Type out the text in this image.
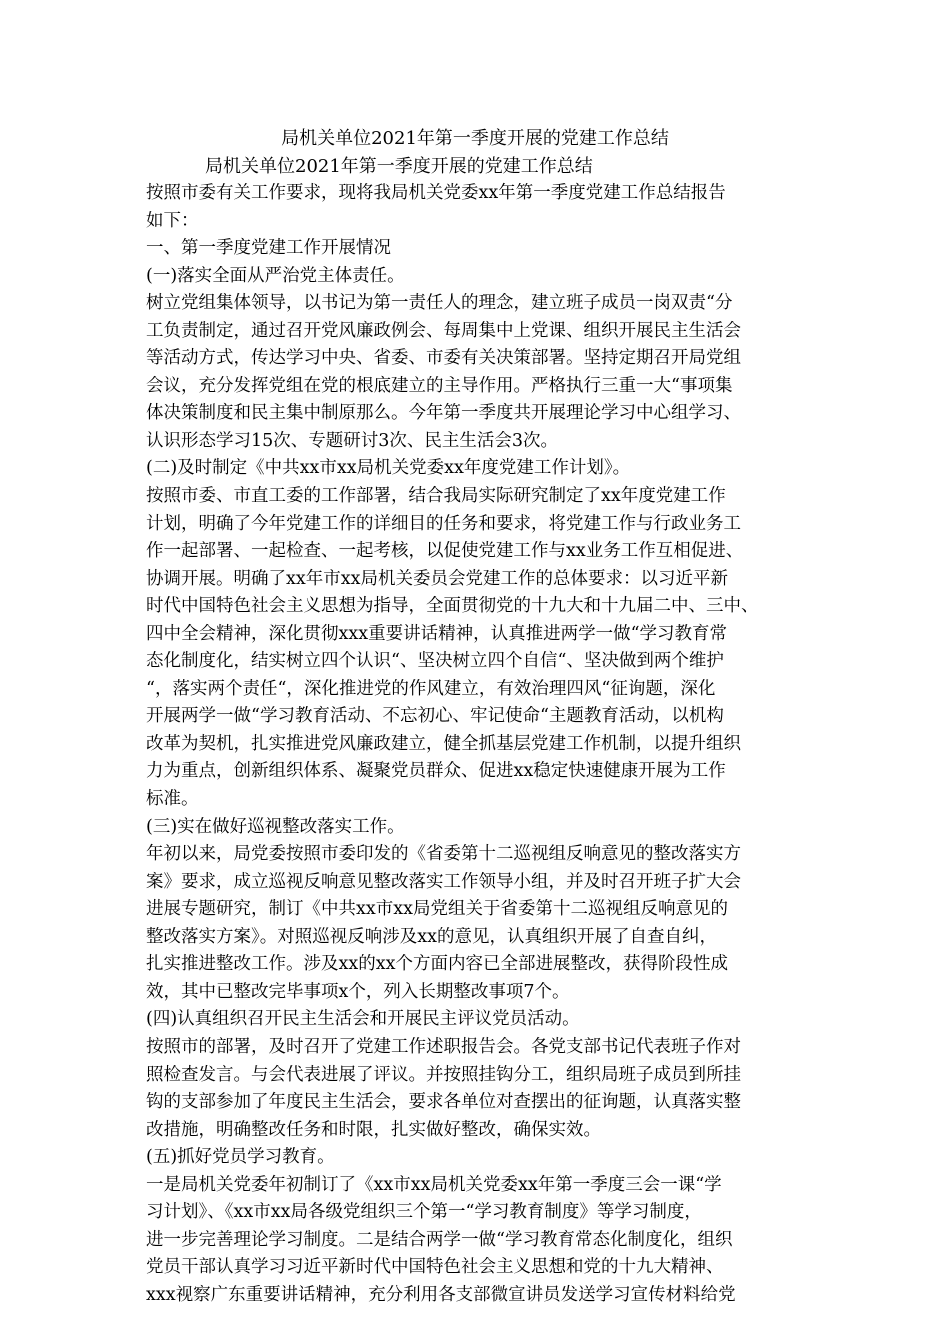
局机关单位2021年第一季度开展的党建工作总结
局机关单位2021年第一季度开展的党建工作总结
按照市委有关工作要求，现将我局机关党委xx年第一季度党建工作总结报告
如下：
一、第一季度党建工作开展情况
(一)落实全面从严治党主体责任。
树立党组集体领导，以书记为第一责任人的理念，建立班子成员一岗双责“分
工负责制定，通过召开党风廉政例会、每周集中上党课、组织开展民主生活会
等活动方式，传达学习中央、省委、市委有关决策部署。坚持定期召开局党组
会议，充分发挥党组在党的根底建立的主导作用。严格执行三重一大“事项集
体决策制度和民主集中制原那么。今年第一季度共开展理论学习中心组学习、
认识形态学习15次、专题研讨3次、民主生活会3次。
(二)及时制定《中共xx市xx局机关党委xx年度党建工作计划》。
按照市委、市直工委的工作部署，结合我局实际研究制定了xx年度党建工作
计划，明确了今年党建工作的详细目的任务和要求，将党建工作与行政业务工
作一起部署、一起检查、一起考核，以促使党建工作与xx业务工作互相促进、
协调开展。明确了xx年市xx局机关委员会党建工作的总体要求：以习近平新
时代中国特色社会主义思想为指导，全面贯彻党的十九大和十九届二中、三中、
四中全会精神，深化贯彻xxx重要讲话精神，认真推进两学一做“学习教育常
态化制度化，结实树立四个认识“、坚决树立四个自信“、坚决做到两个维护
“，落实两个责任“，深化推进党的作风建立，有效治理四风“征询题，深化
开展两学一做“学习教育活动、不忘初心、牢记使命“主题教育活动，以机构
改革为契机，扎实推进党风廉政建立，健全抓基层党建工作机制，以提升组织
力为重点，创新组织体系、凝聚党员群众、促进xx稳定快速健康开展为工作
标准。
(三)实在做好巡视整改落实工作。
年初以来，局党委按照市委印发的《省委第十二巡视组反响意见的整改落实方
案》要求，成立巡视反响意见整改落实工作领导小组，并及时召开班子扩大会
进展专题研究，制订《中共xx市xx局党组关于省委第十二巡视组反响意见的
整改落实方案》。对照巡视反响涉及xx的意见，认真组织开展了自查自纠，
扎实推进整改工作。涉及xx的xx个方面内容已全部进展整改，获得阶段性成
效，其中已整改完毕事项x个，列入长期整改事项7个。
(四)认真组织召开民主生活会和开展民主评议党员活动。
按照市的部署，及时召开了党建工作述职报告会。各党支部书记代表班子作对
照检查发言。与会代表进展了评议。并按照挂钩分工，组织局班子成员到所挂
钩的支部参加了年度民主生活会，要求各单位对查摆出的征询题，认真落实整
改措施，明确整改任务和时限，扎实做好整改，确保实效。
(五)抓好党员学习教育。
一是局机关党委年初制订了《xx市xx局机关党委xx年第一季度三会一课“学
习计划》、《xx市xx局各级党组织三个第一“学习教育制度》等学习制度，
进一步完善理论学习制度。二是结合两学一做“学习教育常态化制度化，组织
党员干部认真学习习近平新时代中国特色社会主义思想和党的十九大精神、
xxx视察广东重要讲话精神，充分利用各支部微宣讲员发送学习宣传材料给党
